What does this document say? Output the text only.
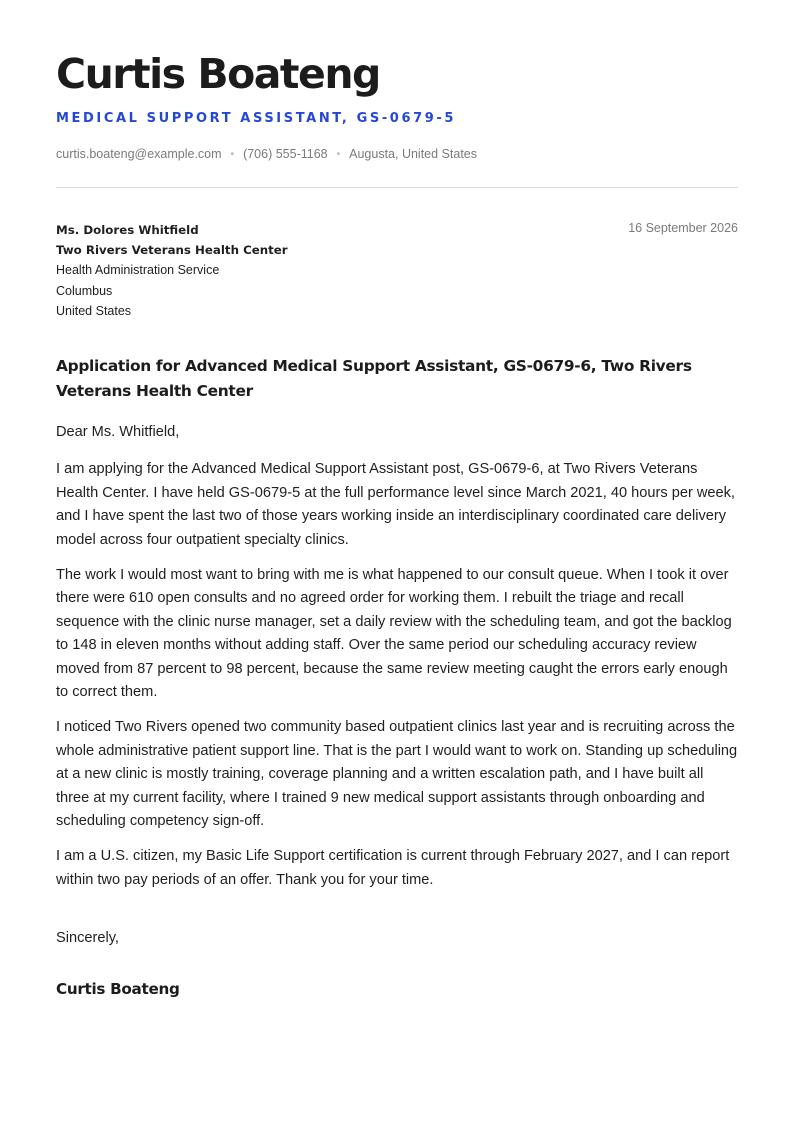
Curtis Boateng
MEDICAL SUPPORT ASSISTANT, GS-0679-5
curtis.boateng@example.com • (706) 555-1168 • Augusta, United States
Ms. Dolores Whitfield
Two Rivers Veterans Health Center
Health Administration Service
Columbus
United States
16 September 2026
Application for Advanced Medical Support Assistant, GS-0679-6, Two Rivers Veterans Health Center
Dear Ms. Whitfield,

I am applying for the Advanced Medical Support Assistant post, GS-0679-6, at Two Rivers Veterans Health Center. I have held GS-0679-5 at the full performance level since March 2021, 40 hours per week, and I have spent the last two of those years working inside an interdisciplinary coordinated care delivery model across four outpatient specialty clinics.

The work I would most want to bring with me is what happened to our consult queue. When I took it over there were 610 open consults and no agreed order for working them. I rebuilt the triage and recall sequence with the clinic nurse manager, set a daily review with the scheduling team, and got the backlog to 148 in eleven months without adding staff. Over the same period our scheduling accuracy review moved from 87 percent to 98 percent, because the same review meeting caught the errors early enough to correct them.

I noticed Two Rivers opened two community based outpatient clinics last year and is recruiting across the whole administrative patient support line. That is the part I would want to work on. Standing up scheduling at a new clinic is mostly training, coverage planning and a written escalation path, and I have built all three at my current facility, where I trained 9 new medical support assistants through onboarding and scheduling competency sign-off.

I am a U.S. citizen, my Basic Life Support certification is current through February 2027, and I can report within two pay periods of an offer. Thank you for your time.

Sincerely,
Curtis Boateng
